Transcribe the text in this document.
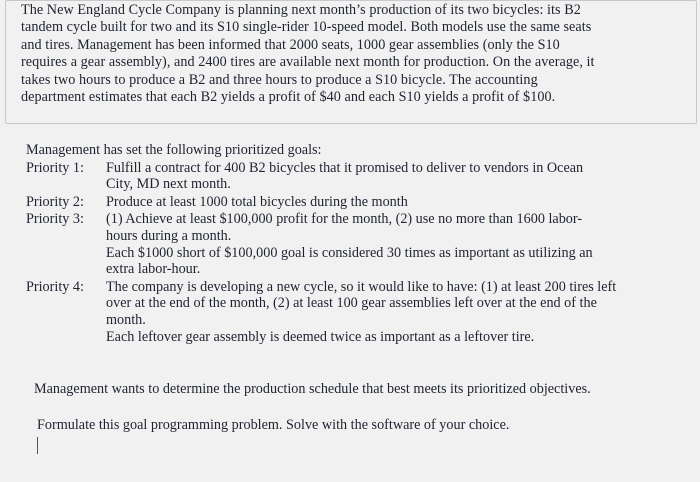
The New England Cycle Company is planning next month’s production of its two bicycles: its B2
tandem cycle built for two and its S10 single-rider 10-speed model. Both models use the same seats
and tires. Management has been informed that 2000 seats, 1000 gear assemblies (only the S10
requires a gear assembly), and 2400 tires are available next month for production. On the average, it
takes two hours to produce a B2 and three hours to produce a S10 bicycle. The accounting
department estimates that each B2 yields a profit of $40 and each S10 yields a profit of $100.
Management has set the following prioritized goals:
Priority 1:	Fulfill a contract for 400 B2 bicycles that it promised to deliver to vendors in Ocean
City, MD next month.
Priority 2:	Produce at least 1000 total bicycles during the month
Priority 3:	(1) Achieve at least $100,000 profit for the month, (2) use no more than 1600 labor-
hours during a month.
Each $1000 short of $100,000 goal is considered 30 times as important as utilizing an
extra labor-hour.
Priority 4:	The company is developing a new cycle, so it would like to have: (1) at least 200 tires left
over at the end of the month, (2) at least 100 gear assemblies left over at the end of the
month.
Each leftover gear assembly is deemed twice as important as a leftover tire.
Management wants to determine the production schedule that best meets its prioritized objectives.
Formulate this goal programming problem. Solve with the software of your choice.
